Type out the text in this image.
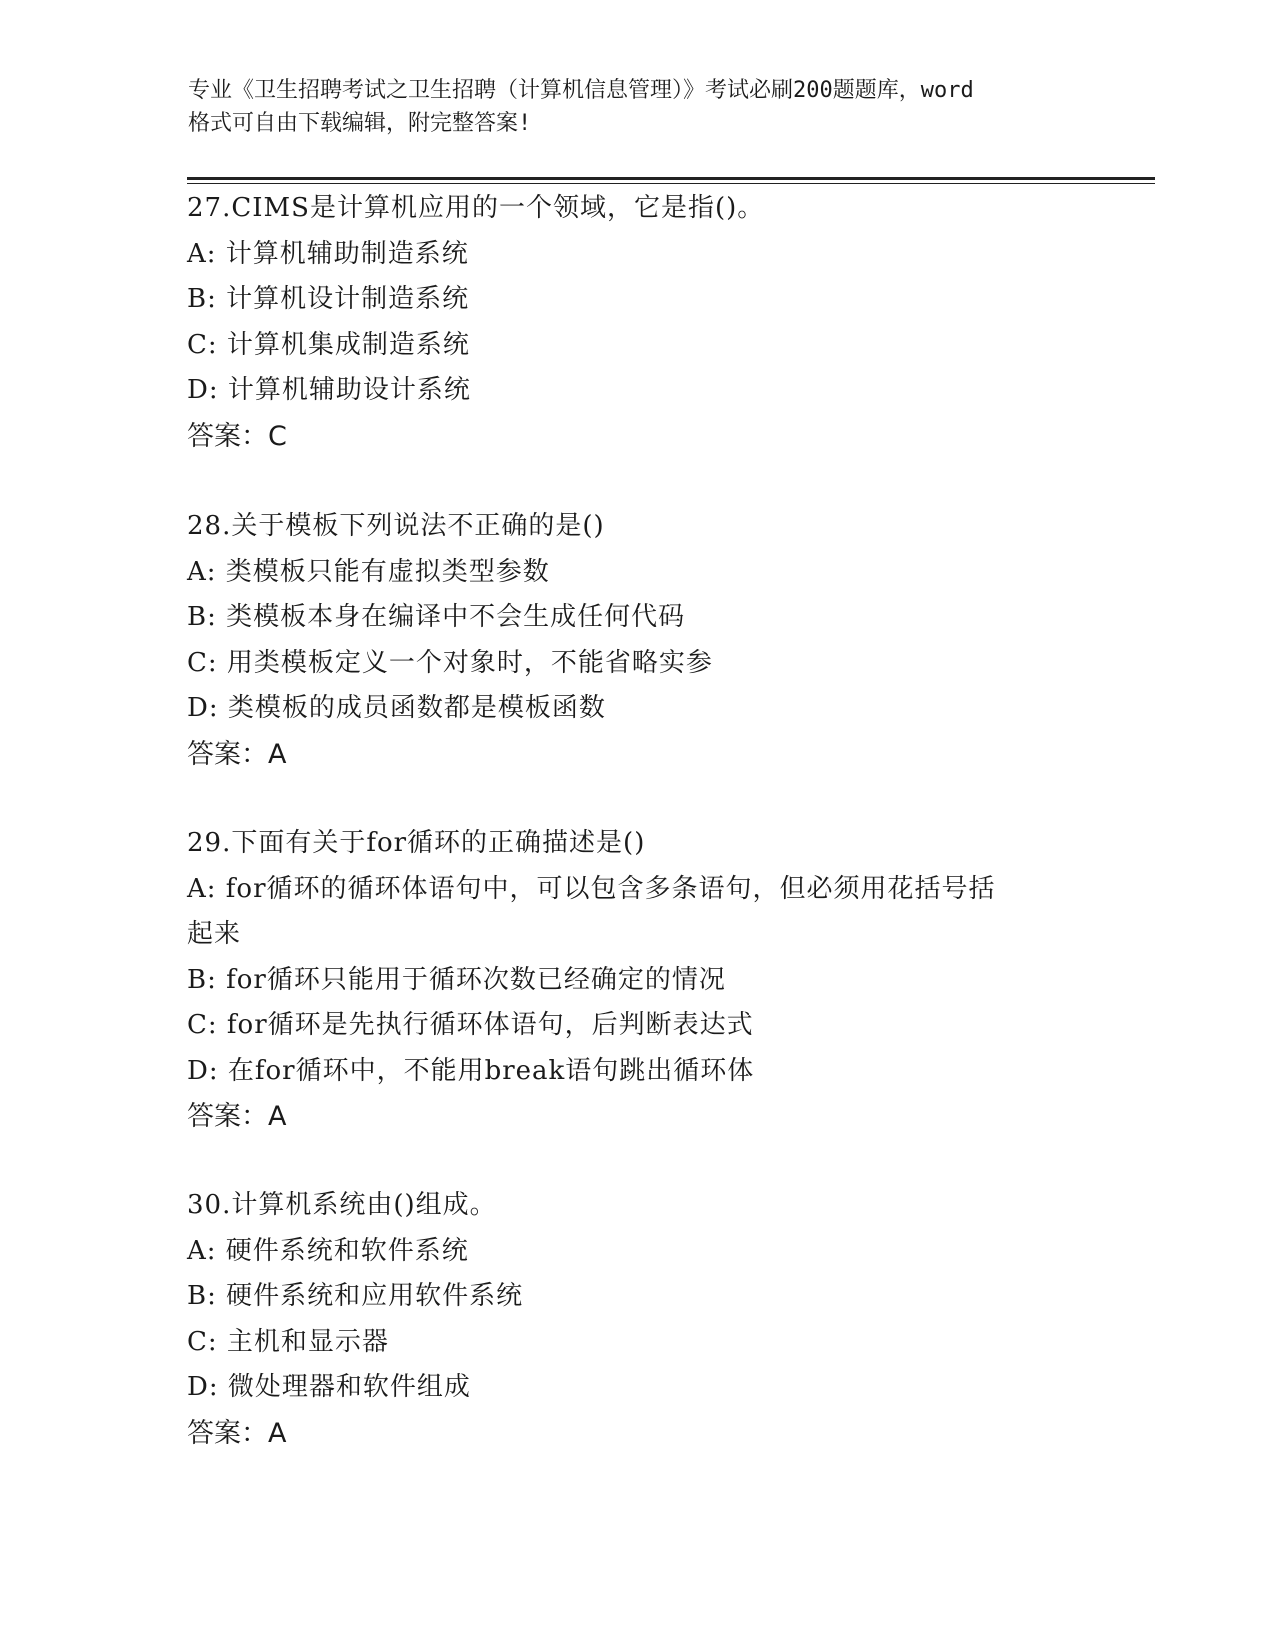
专业《卫生招聘考试之卫生招聘（计算机信息管理）》考试必刷200题题库，word
格式可自由下载编辑，附完整答案!
27.CIMS是计算机应用的一个领域，它是指()。
A: 计算机辅助制造系统
B: 计算机设计制造系统
C: 计算机集成制造系统
D: 计算机辅助设计系统
答案：C
28.关于模板下列说法不正确的是()
A: 类模板只能有虚拟类型参数
B: 类模板本身在编译中不会生成任何代码
C: 用类模板定义一个对象时，不能省略实参
D: 类模板的成员函数都是模板函数
答案：A
29.下面有关于for循环的正确描述是()
A: for循环的循环体语句中，可以包含多条语句，但必须用花括号括
起来
B: for循环只能用于循环次数已经确定的情况
C: for循环是先执行循环体语句，后判断表达式
D: 在for循环中，不能用break语句跳出循环体
答案：A
30.计算机系统由()组成。
A: 硬件系统和软件系统
B: 硬件系统和应用软件系统
C: 主机和显示器
D: 微处理器和软件组成
答案：A
